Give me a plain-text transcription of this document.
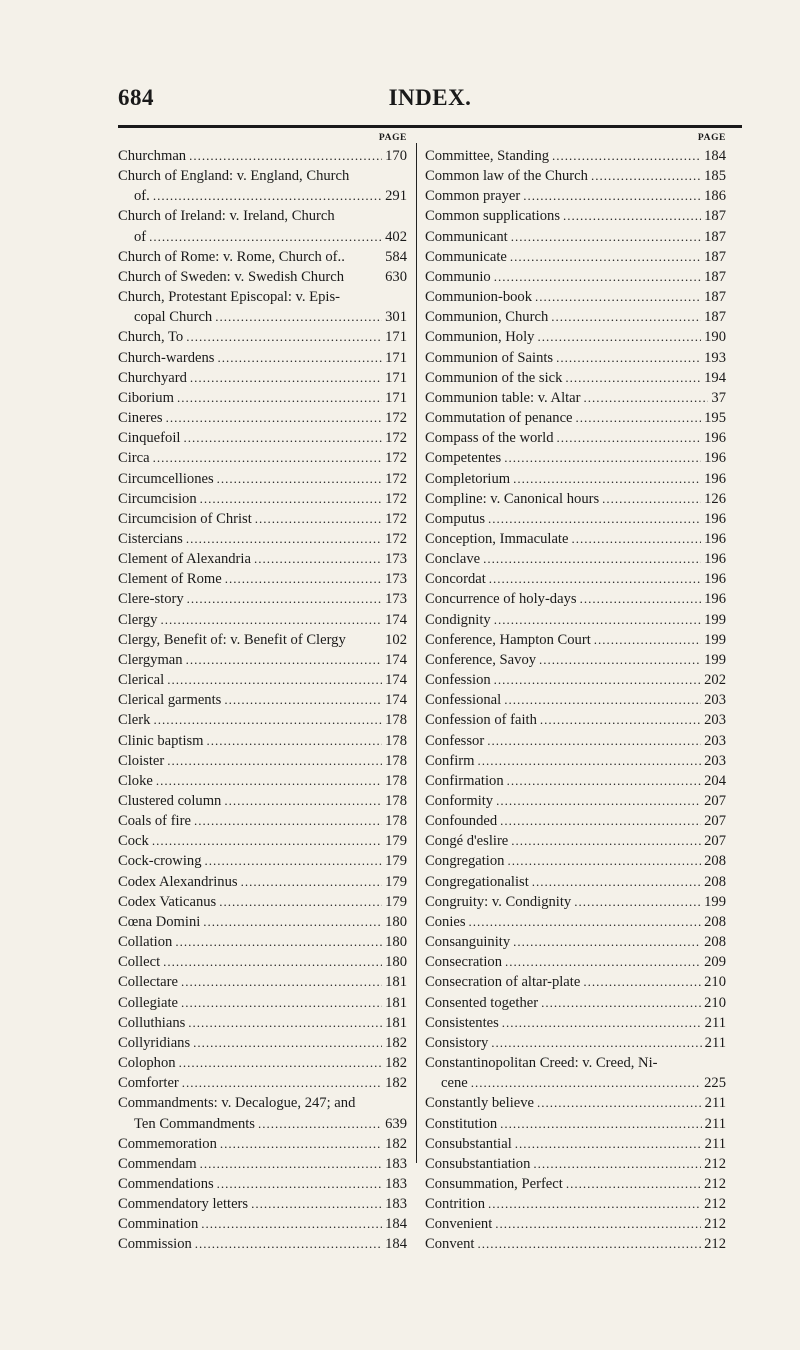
684	INDEX.
PAGE
Churchman .....	170
Church of England: v. England, Church
of. .....	291
Church of Ireland: v. Ireland, Church
of .....	402
Church of Rome: v. Rome, Church of..	584
Church of Sweden: v. Swedish Church	630
Church, Protestant Episcopal: v. Epis-
copal Church .....	301
Church, To .....	171
Church-wardens .....	171
Churchyard .....	171
Ciborium .....	171
Cineres .....	172
Cinquefoil .....	172
Circa .....	172
Circumcelliones .....	172
Circumcision .....	172
Circumcision of Christ .....	172
Cistercians .....	172
Clement of Alexandria .....	173
Clement of Rome .....	173
Clere-story .....	173
Clergy .....	174
Clergy, Benefit of: v. Benefit of Clergy	102
Clergyman .....	174
Clerical .....	174
Clerical garments .....	174
Clerk .....	178
Clinic baptism .....	178
Cloister .....	178
Cloke .....	178
Clustered column .....	178
Coals of fire .....	178
Cock .....	179
Cock-crowing .....	179
Codex Alexandrinus .....	179
Codex Vaticanus .....	179
Cœna Domini .....	180
Collation .....	180
Collect .....	180
Collectare .....	181
Collegiate .....	181
Colluthians .....	181
Collyridians .....	182
Colophon .....	182
Comforter .....	182
Commandments: v. Decalogue, 247; and
Ten Commandments .....	639
Commemoration .....	182
Commendam .....	183
Commendations .....	183
Commendatory letters .....	183
Commination .....	184
Commission .....	184
PAGE
Committee, Standing .....	184
Common law of the Church .....	185
Common prayer .....	186
Common supplications .....	187
Communicant .....	187
Communicate .....	187
Communio .....	187
Communion-book .....	187
Communion, Church .....	187
Communion, Holy .....	190
Communion of Saints .....	193
Communion of the sick .....	194
Communion table: v. Altar .....	37
Commutation of penance .....	195
Compass of the world .....	196
Competentes .....	196
Completorium .....	196
Compline: v. Canonical hours .....	126
Computus .....	196
Conception, Immaculate .....	196
Conclave .....	196
Concordat .....	196
Concurrence of holy-days .....	196
Condignity .....	199
Conference, Hampton Court .....	199
Conference, Savoy .....	199
Confession .....	202
Confessional .....	203
Confession of faith .....	203
Confessor .....	203
Confirm .....	203
Confirmation .....	204
Conformity .....	207
Confounded .....	207
Congé d'eslire .....	207
Congregation .....	208
Congregationalist .....	208
Congruity: v. Condignity .....	199
Conies .....	208
Consanguinity .....	208
Consecration .....	209
Consecration of altar-plate .....	210
Consented together .....	210
Consistentes .....	211
Consistory .....	211
Constantinopolitan Creed: v. Creed, Ni-
cene .....	225
Constantly believe .....	211
Constitution .....	211
Consubstantial .....	211
Consubstantiation .....	212
Consummation, Perfect .....	212
Contrition .....	212
Convenient .....	212
Convent .....	212
